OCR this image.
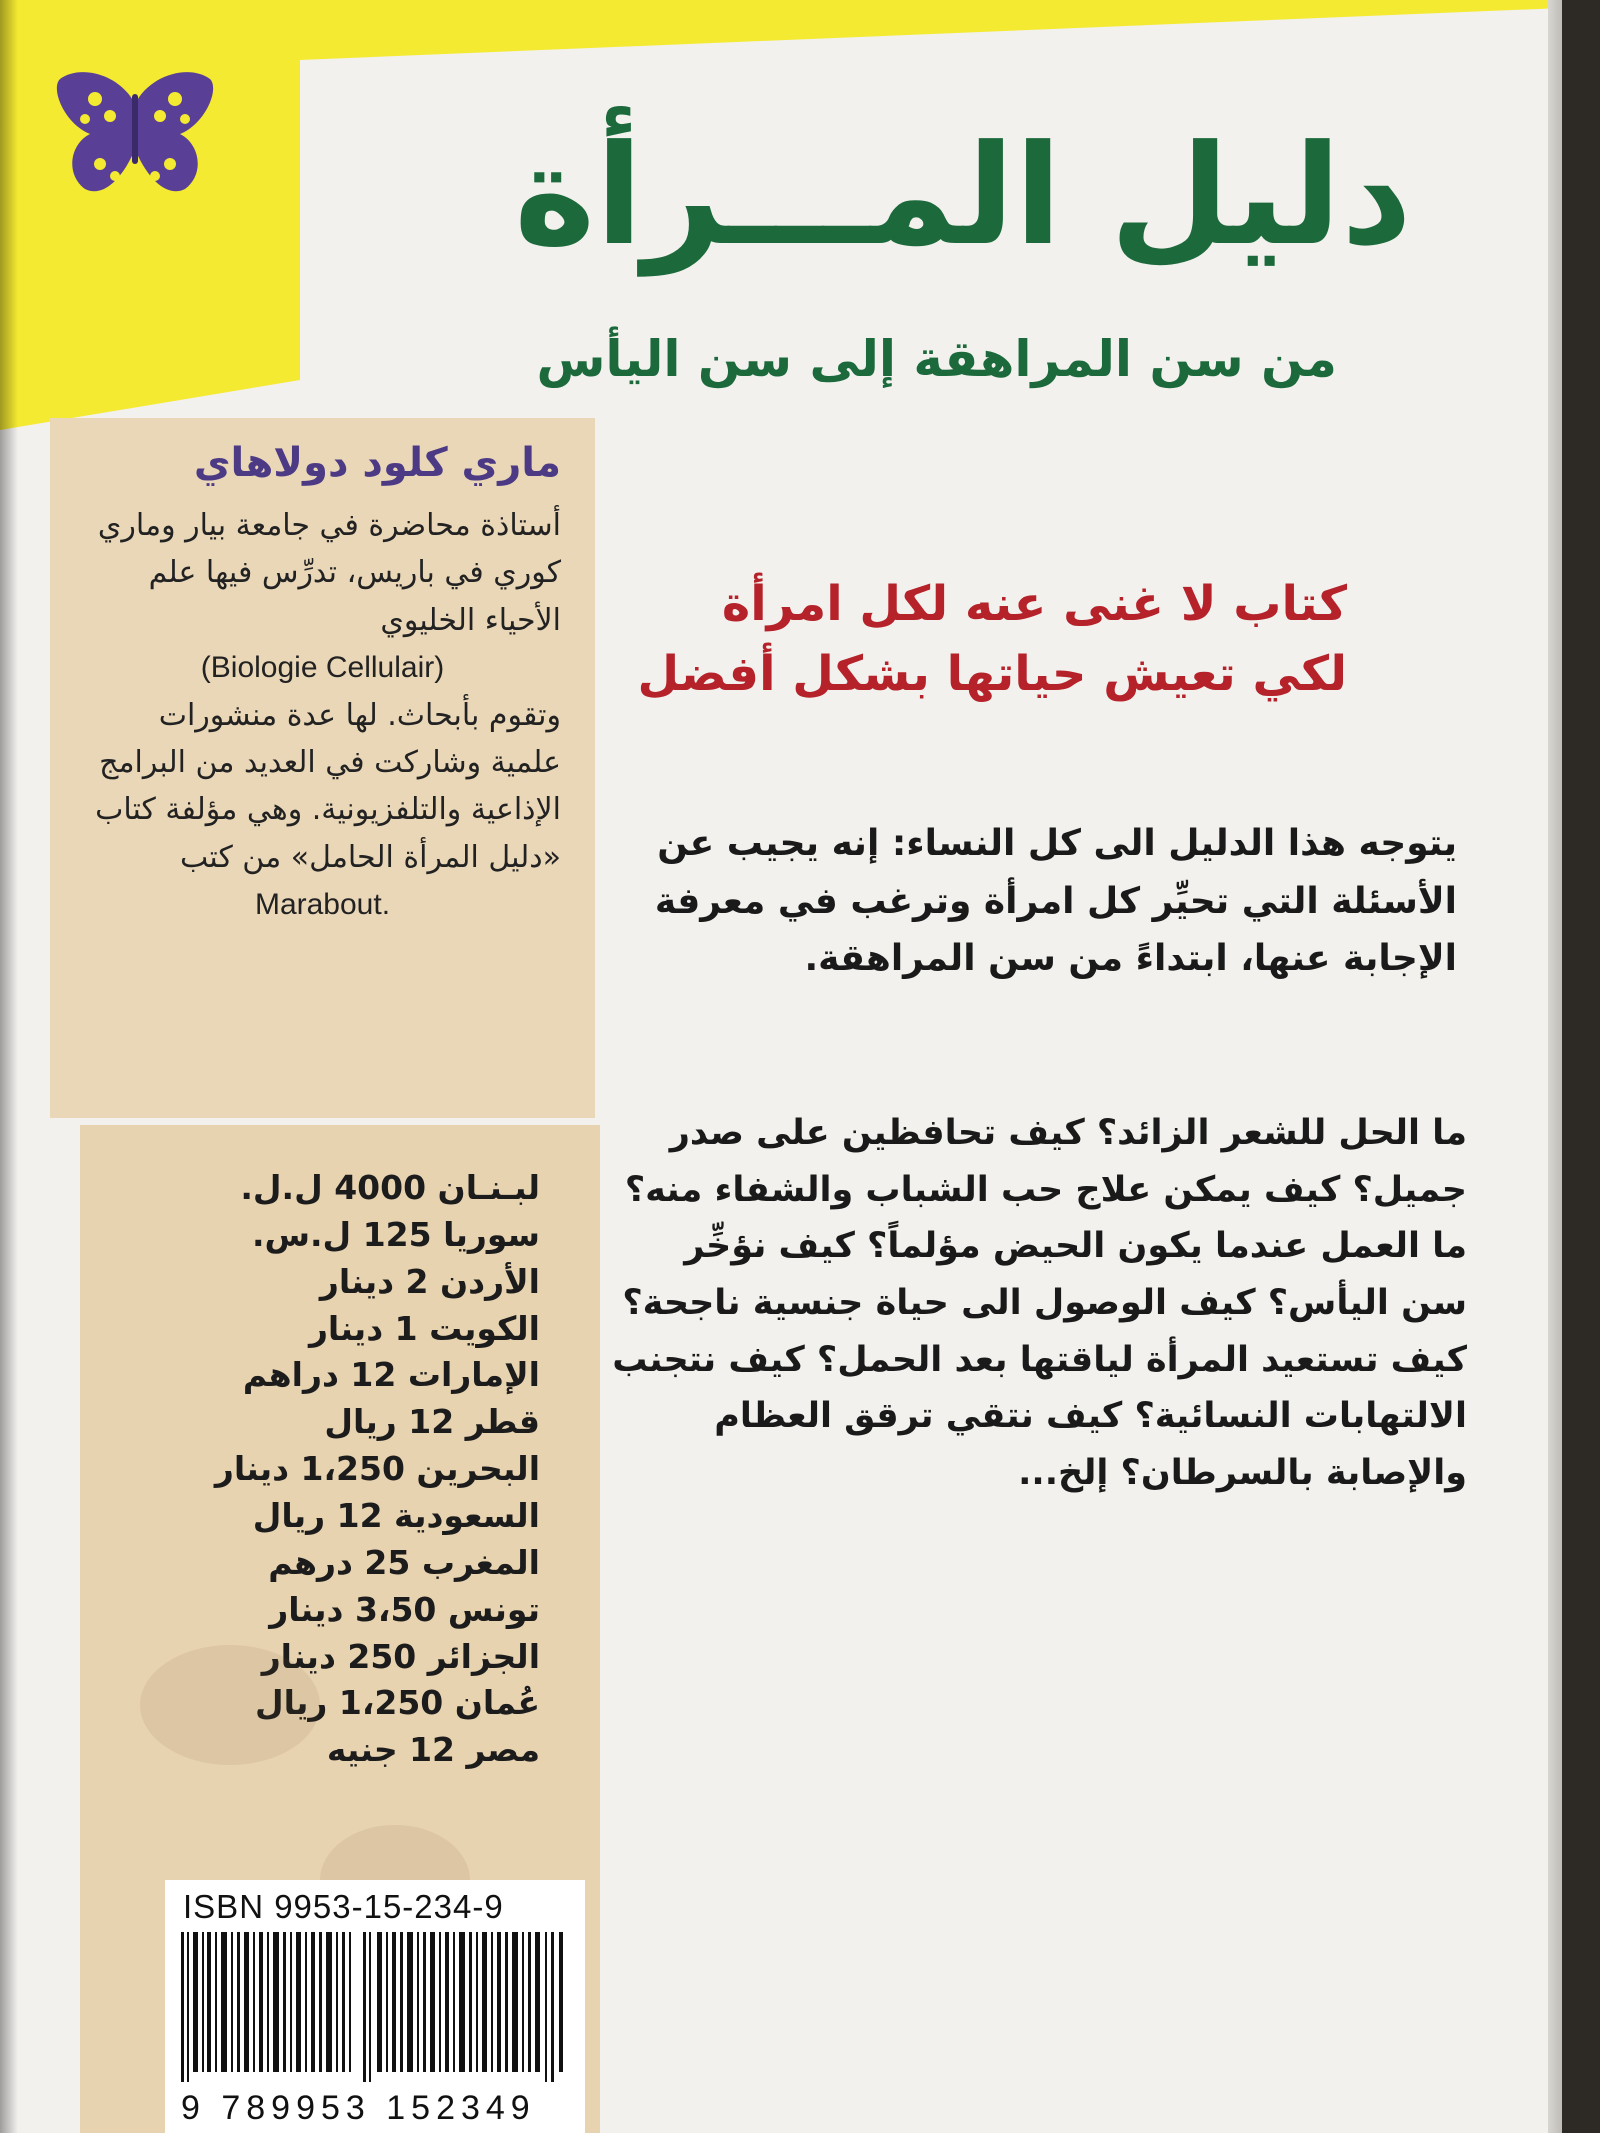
دليل المـــرأة
من سن المراهقة إلى سن اليأس
كتاب لا غنى عنه لكل امرأة
لكي تعيش حياتها بشكل أفضل
يتوجه هذا الدليل الى كل النساء: إنه يجيب عن الأسئلة التي تحيِّر كل امرأة وترغب في معرفة الإجابة عنها، ابتداءً من سن المراهقة.
ما الحل للشعر الزائد؟ كيف تحافظين على صدر جميل؟ كيف يمكن علاج حب الشباب والشفاء منه؟ ما العمل عندما يكون الحيض مؤلماً؟ كيف نؤخِّر سن اليأس؟ كيف الوصول الى حياة جنسية ناجحة؟ كيف تستعيد المرأة لياقتها بعد الحمل؟ كيف نتجنب الالتهابات النسائية؟ كيف نتقي ترقق العظام والإصابة بالسرطان؟ إلخ...
ماري كلود دولاهاي
أستاذة محاضرة في جامعة بيار وماري كوري في باريس، تدرِّس فيها علم الأحياء الخليوي
(Biologie Cellulair)
وتقوم بأبحاث. لها عدة منشورات علمية وشاركت في العديد من البرامج الإذاعية والتلفزيونية. وهي مؤلفة كتاب «دليل المرأة الحامل» من كتب
Marabout.
لبـنـان 4000 ل.ل.
سوريا 125 ل.س.
الأردن 2 دينار
الكويت 1 دينار
الإمارات 12 دراهم
قطر 12 ريال
البحرين 1،250 دينار
السعودية 12 ريال
المغرب 25 درهم
تونس 3،50 دينار
الجزائر 250 دينار
عُمان 1،250 ريال
مصر 12 جنيه
ISBN 9953-15-234-9
9 789953 152349
